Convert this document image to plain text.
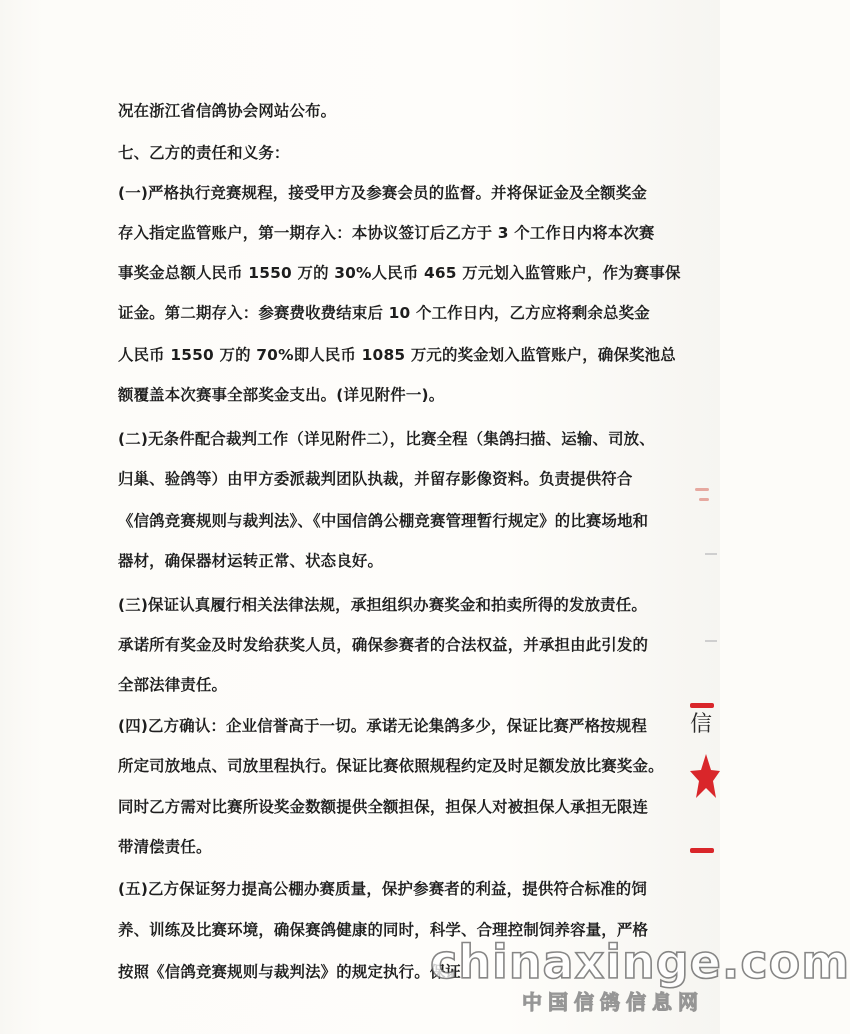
况在浙江省信鸽协会网站公布。
七、乙方的责任和义务：
(一)严格执行竞赛规程，接受甲方及参赛会员的监督。并将保证金及全额奖金
存入指定监管账户，第一期存入：本协议签订后乙方于 3 个工作日内将本次赛
事奖金总额人民币 1550 万的 30%人民币 465 万元划入监管账户，作为赛事保
证金。第二期存入：参赛费收费结束后 10 个工作日内，乙方应将剩余总奖金
人民币 1550 万的 70%即人民币 1085 万元的奖金划入监管账户，确保奖池总
额覆盖本次赛事全部奖金支出。(详见附件一)。
(二)无条件配合裁判工作（详见附件二），比赛全程（集鸽扫描、运输、司放、
归巢、验鸽等）由甲方委派裁判团队执裁，并留存影像资料。负责提供符合
《信鸽竞赛规则与裁判法》、《中国信鸽公棚竞赛管理暂行规定》的比赛场地和
器材，确保器材运转正常、状态良好。
(三)保证认真履行相关法律法规，承担组织办赛奖金和拍卖所得的发放责任。
承诺所有奖金及时发给获奖人员，确保参赛者的合法权益，并承担由此引发的
全部法律责任。
(四)乙方确认：企业信誉高于一切。承诺无论集鸽多少，保证比赛严格按规程
所定司放地点、司放里程执行。保证比赛依照规程约定及时足额发放比赛奖金。
同时乙方需对比赛所设奖金数额提供全额担保，担保人对被担保人承担无限连
带清偿责任。
(五)乙方保证努力提高公棚办赛质量，保护参赛者的利益，提供符合标准的饲
养、训练及比赛环境，确保赛鸽健康的同时，科学、合理控制饲养容量，严格
按照《信鸽竞赛规则与裁判法》的规定执行。保证
信
chinaxinge.com
中国信鸽信息网
